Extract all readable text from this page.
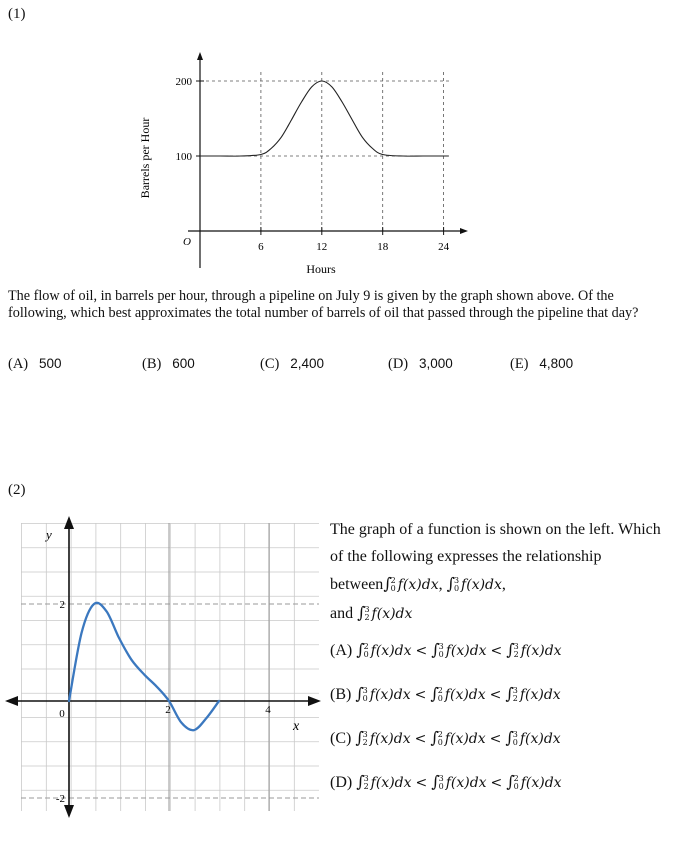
(1)
O	6	12	18	24
100
200
Barrels per Hour
Hours
The flow of oil, in barrels per hour, through a pipeline on July 9 is given by the graph shown above. Of the following, which best approximates the total number of barrels of oil that passed through the pipeline that day?
(A) 500	(B) 600	(C) 2,400	(D) 3,000	(E) 4,800
(2)
0	2	4
2
-2
y
x
The graph of a function is shown on the left. Which of the following expresses the relationship between∫ 2
0 f(x)dx, ∫ 3
0 f(x)dx,
and ∫ 3
2 f(x)dx
(A) ∫ 2
0 f(x)dx < ∫ 3
0 f(x)dx < ∫ 3
2 f(x)dx
(B) ∫ 3
0 f(x)dx < ∫ 2
0 f(x)dx < ∫ 3
2 f(x)dx
(C) ∫ 3
2 f(x)dx < ∫ 2
0 f(x)dx < ∫ 3
0 f(x)dx
(D) ∫ 3
2 f(x)dx < ∫ 3
0 f(x)dx < ∫ 2
0 f(x)dx
